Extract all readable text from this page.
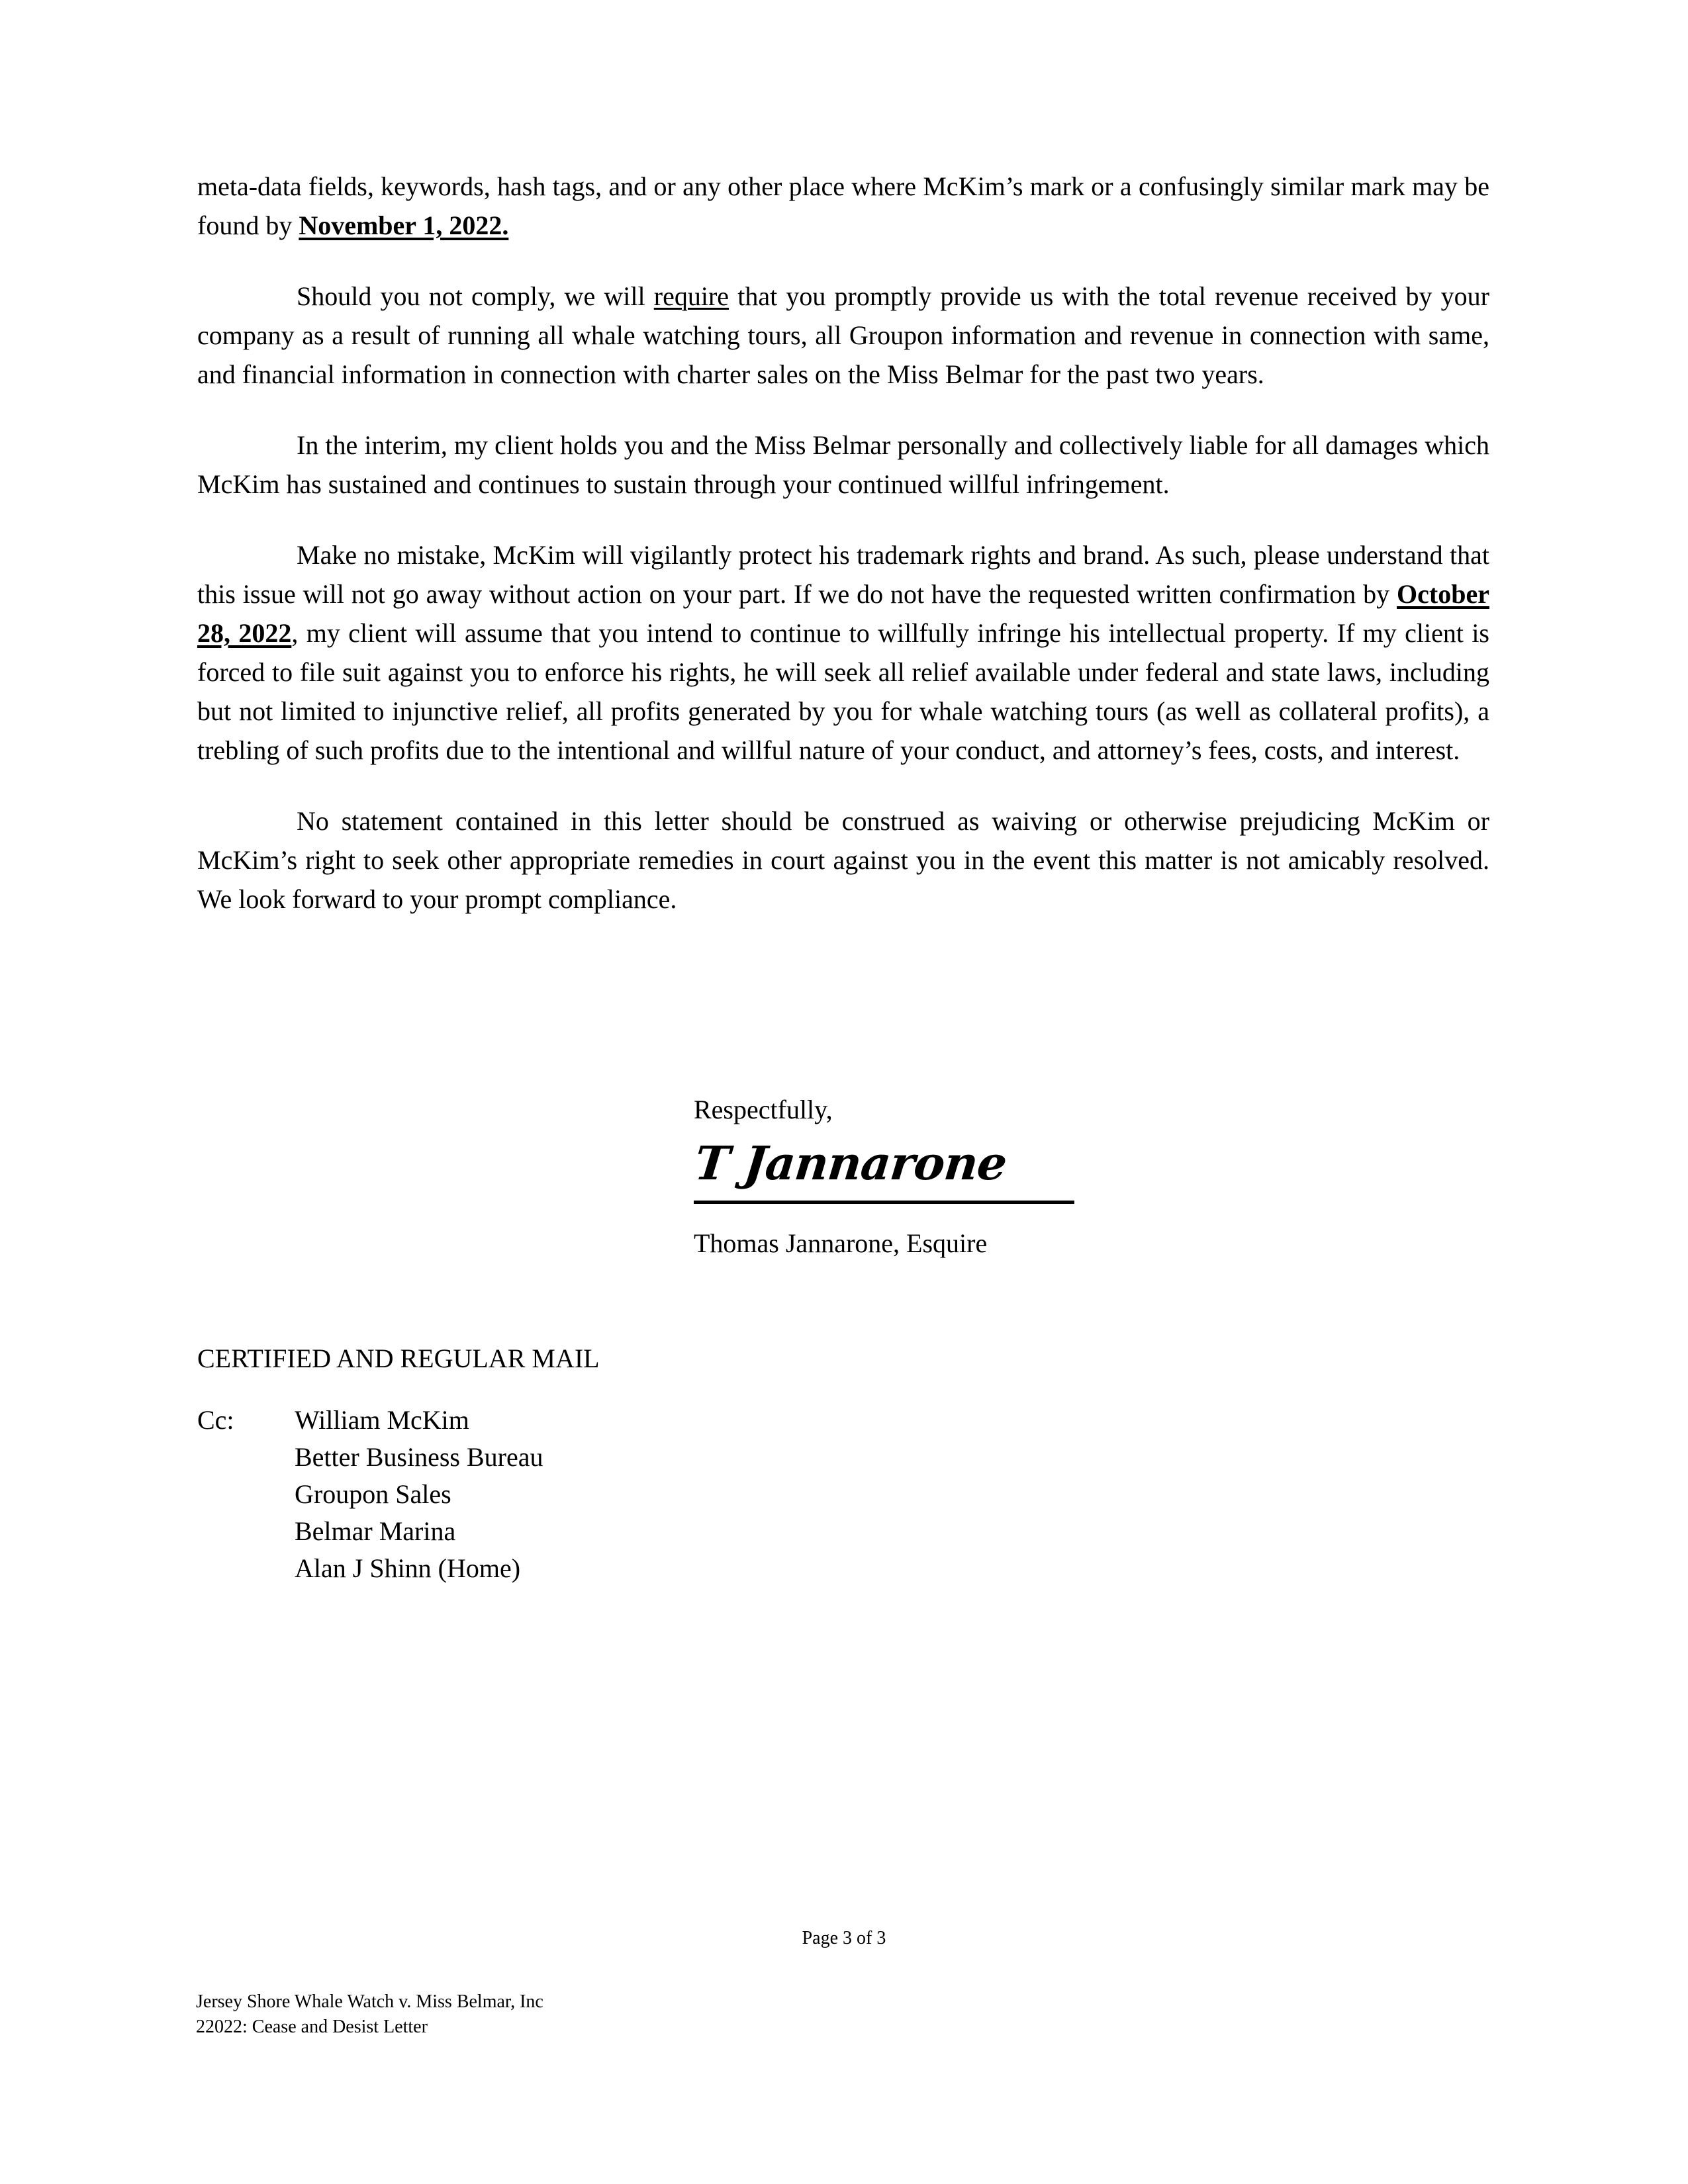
meta-data fields, keywords, hash tags, and or any other place where McKim’s mark or a confusingly similar mark may be found by November 1, 2022.

Should you not comply, we will require that you promptly provide us with the total revenue received by your company as a result of running all whale watching tours, all Groupon information and revenue in connection with same, and financial information in connection with charter sales on the Miss Belmar for the past two years.

In the interim, my client holds you and the Miss Belmar personally and collectively liable for all damages which McKim has sustained and continues to sustain through your continued willful infringement.

Make no mistake, McKim will vigilantly protect his trademark rights and brand. As such, please understand that this issue will not go away without action on your part. If we do not have the requested written confirmation by October 28, 2022, my client will assume that you intend to continue to willfully infringe his intellectual property. If my client is forced to file suit against you to enforce his rights, he will seek all relief available under federal and state laws, including but not limited to injunctive relief, all profits generated by you for whale watching tours (as well as collateral profits), a trebling of such profits due to the intentional and willful nature of your conduct, and attorney’s fees, costs, and interest.

No statement contained in this letter should be construed as waiving or otherwise prejudicing McKim or McKim’s right to seek other appropriate remedies in court against you in the event this matter is not amicably resolved. We look forward to your prompt compliance.

Respectfully,
T Jannarone
Thomas Jannarone, Esquire
CERTIFIED AND REGULAR MAIL
Cc:	William McKim
Better Business Bureau
Groupon Sales
Belmar Marina
Alan J Shinn (Home)
Page 3 of 3
Jersey Shore Whale Watch v. Miss Belmar, Inc
22022: Cease and Desist Letter
